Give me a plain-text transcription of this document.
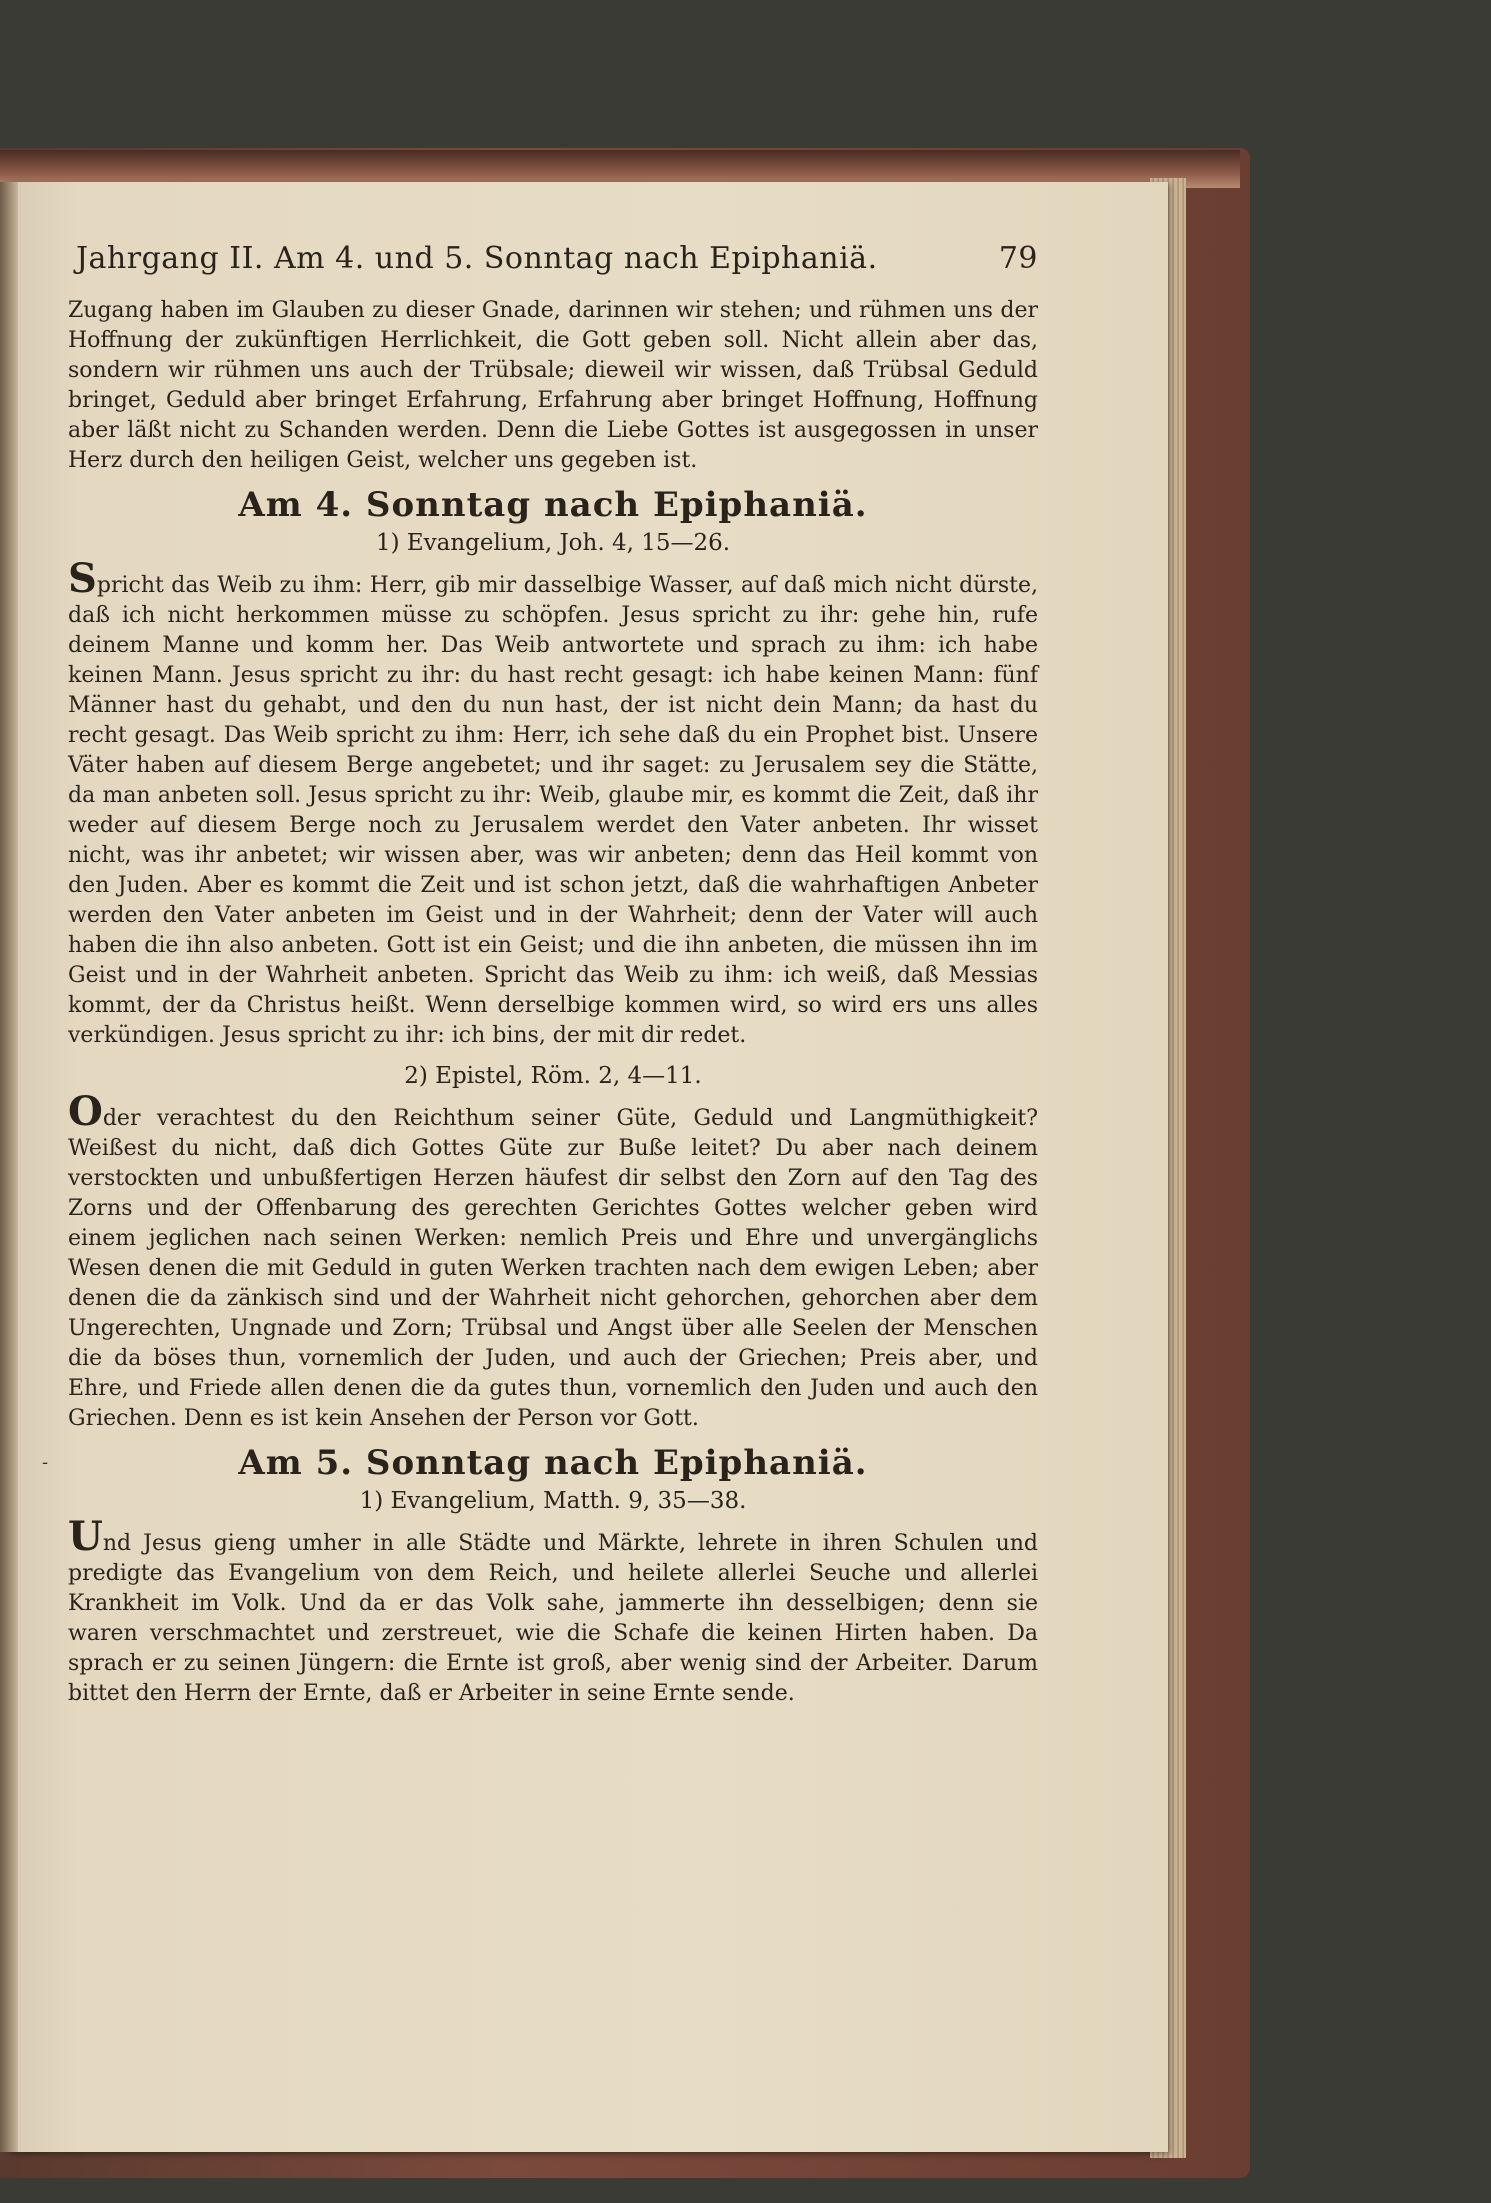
-
Jahrgang II. Am 4. und 5. Sonntag nach Epiphaniä.	79

Zugang haben im Glauben zu dieser Gnade, darinnen wir stehen; und rühmen uns der Hoffnung der zukünftigen Herrlichkeit, die Gott geben soll. Nicht allein aber das, sondern wir rühmen uns auch der Trübsale; dieweil wir wissen, daß Trübsal Geduld bringet, Geduld aber bringet Erfahrung, Erfahrung aber bringet Hoffnung, Hoffnung aber läßt nicht zu Schanden werden. Denn die Liebe Gottes ist ausgegossen in unser Herz durch den heiligen Geist, welcher uns gegeben ist.

Am 4. Sonntag nach Epiphaniä.
1) Evangelium, Joh. 4, 15—26.

Spricht das Weib zu ihm: Herr, gib mir dasselbige Wasser, auf daß mich nicht dürste, daß ich nicht herkommen müsse zu schöpfen. Jesus spricht zu ihr: gehe hin, rufe deinem Manne und komm her. Das Weib antwortete und sprach zu ihm: ich habe keinen Mann. Jesus spricht zu ihr: du hast recht gesagt: ich habe keinen Mann: fünf Männer hast du gehabt, und den du nun hast, der ist nicht dein Mann; da hast du recht gesagt. Das Weib spricht zu ihm: Herr, ich sehe daß du ein Prophet bist. Unsere Väter haben auf diesem Berge angebetet; und ihr saget: zu Jerusalem sey die Stätte, da man anbeten soll. Jesus spricht zu ihr: Weib, glaube mir, es kommt die Zeit, daß ihr weder auf diesem Berge noch zu Jerusalem werdet den Vater anbeten. Ihr wisset nicht, was ihr anbetet; wir wissen aber, was wir anbeten; denn das Heil kommt von den Juden. Aber es kommt die Zeit und ist schon jetzt, daß die wahrhaftigen Anbeter werden den Vater anbeten im Geist und in der Wahrheit; denn der Vater will auch haben die ihn also anbeten. Gott ist ein Geist; und die ihn anbeten, die müssen ihn im Geist und in der Wahrheit anbeten. Spricht das Weib zu ihm: ich weiß, daß Messias kommt, der da Christus heißt. Wenn derselbige kommen wird, so wird ers uns alles verkündigen. Jesus spricht zu ihr: ich bins, der mit dir redet.

2) Epistel, Röm. 2, 4—11.

Oder verachtest du den Reichthum seiner Güte, Geduld und Langmüthigkeit? Weißest du nicht, daß dich Gottes Güte zur Buße leitet? Du aber nach deinem verstockten und unbußfertigen Herzen häufest dir selbst den Zorn auf den Tag des Zorns und der Offenbarung des gerechten Gerichtes Gottes welcher geben wird einem jeglichen nach seinen Werken: nemlich Preis und Ehre und unvergänglichs Wesen denen die mit Geduld in guten Werken trachten nach dem ewigen Leben; aber denen die da zänkisch sind und der Wahrheit nicht gehorchen, gehorchen aber dem Ungerechten, Ungnade und Zorn; Trübsal und Angst über alle Seelen der Menschen die da böses thun, vornemlich der Juden, und auch der Griechen; Preis aber, und Ehre, und Friede allen denen die da gutes thun, vornemlich den Juden und auch den Griechen. Denn es ist kein Ansehen der Person vor Gott.

Am 5. Sonntag nach Epiphaniä.
1) Evangelium, Matth. 9, 35—38.

Und Jesus gieng umher in alle Städte und Märkte, lehrete in ihren Schulen und predigte das Evangelium von dem Reich, und heilete allerlei Seuche und allerlei Krankheit im Volk. Und da er das Volk sahe, jammerte ihn desselbigen; denn sie waren verschmachtet und zerstreuet, wie die Schafe die keinen Hirten haben. Da sprach er zu seinen Jüngern: die Ernte ist groß, aber wenig sind der Arbeiter. Darum bittet den Herrn der Ernte, daß er Arbeiter in seine Ernte sende.
